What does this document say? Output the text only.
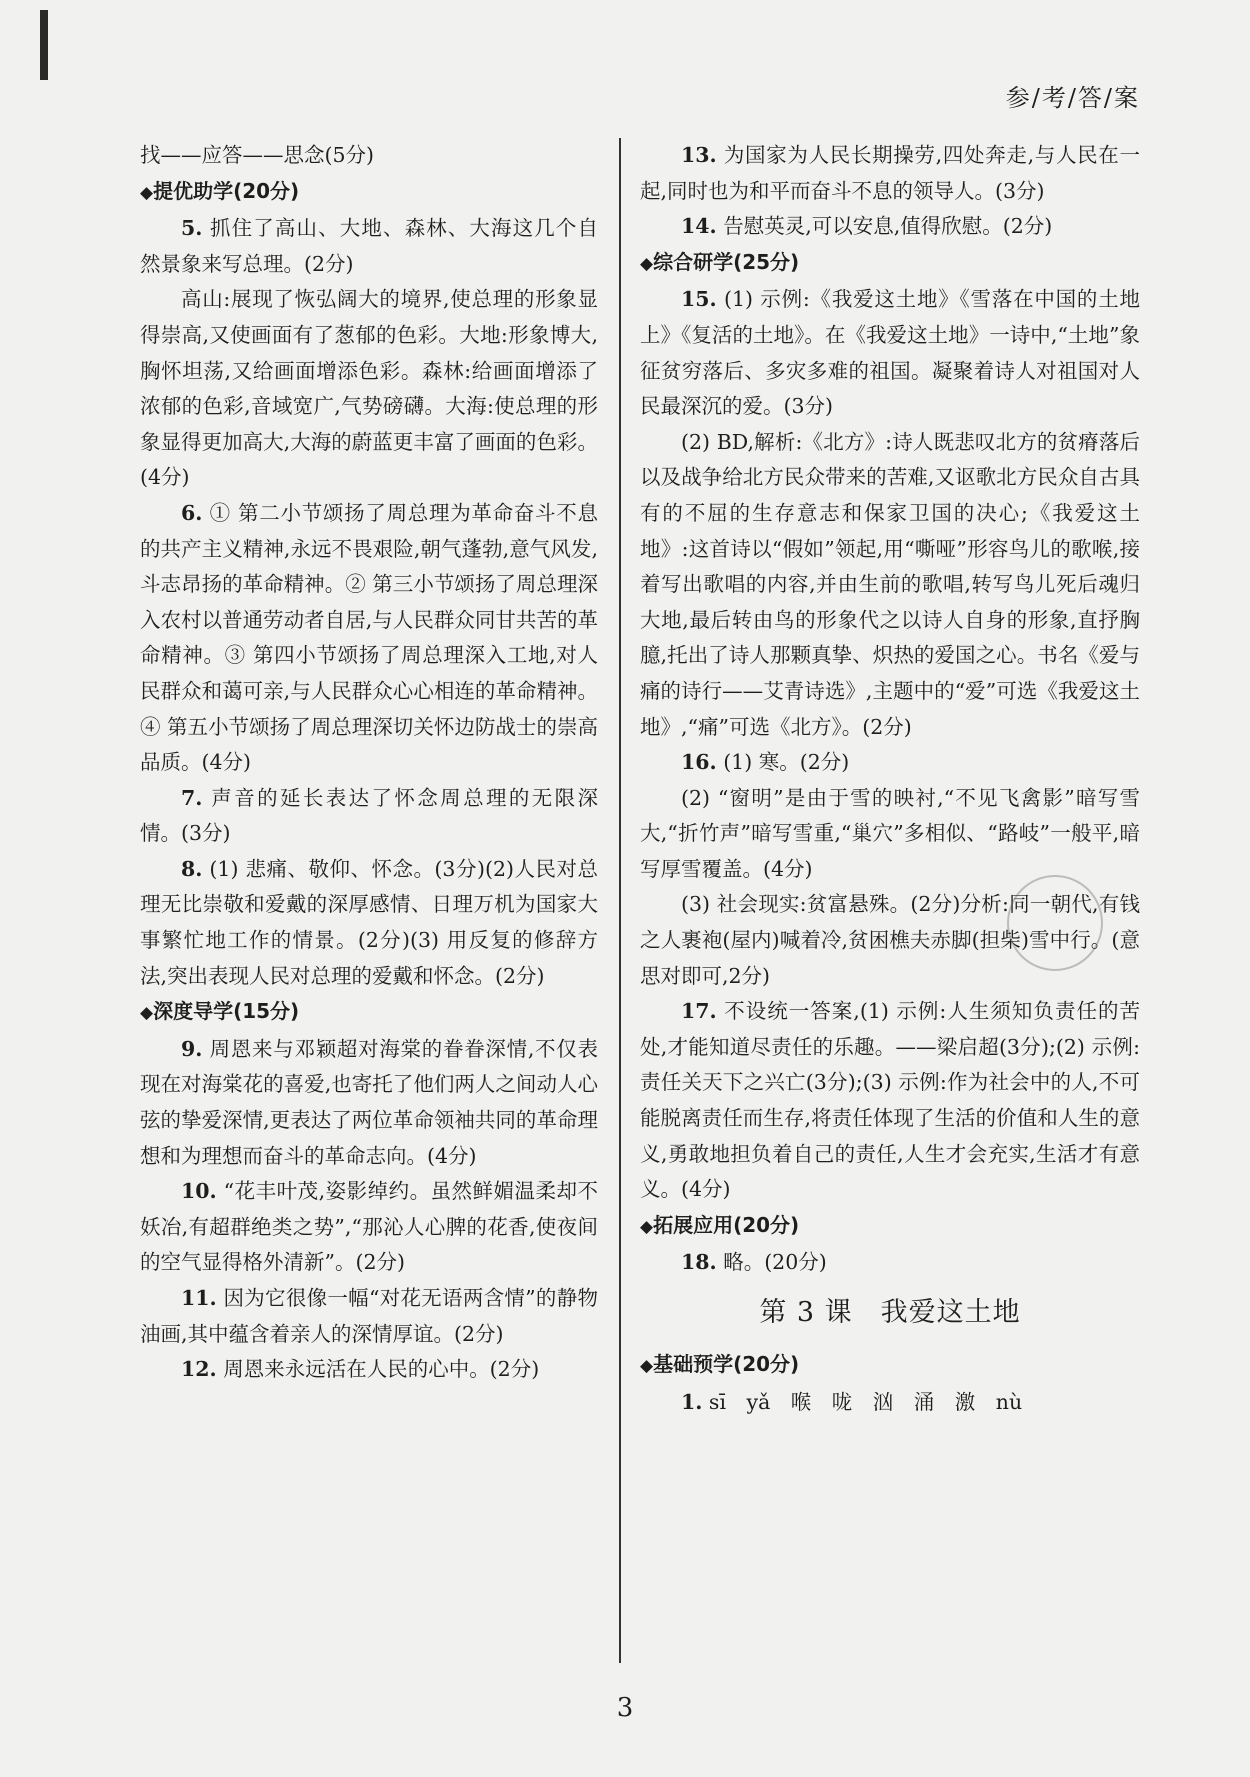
参/考/答/案

找——应答——思念(5分)

◆提优助学(20分)

5. 抓住了高山、大地、森林、大海这几个自然景象来写总理。(2分)

高山:展现了恢弘阔大的境界,使总理的形象显得崇高,又使画面有了葱郁的色彩。大地:形象博大,胸怀坦荡,又给画面增添色彩。森林:给画面增添了浓郁的色彩,音域宽广,气势磅礴。大海:使总理的形象显得更加高大,大海的蔚蓝更丰富了画面的色彩。(4分)

6. ① 第二小节颂扬了周总理为革命奋斗不息的共产主义精神,永远不畏艰险,朝气蓬勃,意气风发,斗志昂扬的革命精神。② 第三小节颂扬了周总理深入农村以普通劳动者自居,与人民群众同甘共苦的革命精神。③ 第四小节颂扬了周总理深入工地,对人民群众和蔼可亲,与人民群众心心相连的革命精神。④ 第五小节颂扬了周总理深切关怀边防战士的崇高品质。(4分)

7. 声音的延长表达了怀念周总理的无限深情。(3分)

8. (1) 悲痛、敬仰、怀念。(3分)(2)人民对总理无比崇敬和爱戴的深厚感情、日理万机为国家大事繁忙地工作的情景。(2分)(3) 用反复的修辞方法,突出表现人民对总理的爱戴和怀念。(2分)

◆深度导学(15分)

9. 周恩来与邓颖超对海棠的眷眷深情,不仅表现在对海棠花的喜爱,也寄托了他们两人之间动人心弦的挚爱深情,更表达了两位革命领袖共同的革命理想和为理想而奋斗的革命志向。(4分)

10. “花丰叶茂,姿影绰约。虽然鲜媚温柔却不妖冶,有超群绝类之势”,“那沁人心脾的花香,使夜间的空气显得格外清新”。(2分)

11. 因为它很像一幅“对花无语两含情”的静物油画,其中蕴含着亲人的深情厚谊。(2分)

12. 周恩来永远活在人民的心中。(2分)

13. 为国家为人民长期操劳,四处奔走,与人民在一起,同时也为和平而奋斗不息的领导人。(3分)

14. 告慰英灵,可以安息,值得欣慰。(2分)

◆综合研学(25分)

15. (1) 示例:《我爱这土地》《雪落在中国的土地上》《复活的土地》。在《我爱这土地》一诗中,“土地”象征贫穷落后、多灾多难的祖国。凝聚着诗人对祖国对人民最深沉的爱。(3分)

(2) BD,解析:《北方》:诗人既悲叹北方的贫瘠落后以及战争给北方民众带来的苦难,又讴歌北方民众自古具有的不屈的生存意志和保家卫国的决心;《我爱这土地》:这首诗以“假如”领起,用“嘶哑”形容鸟儿的歌喉,接着写出歌唱的内容,并由生前的歌唱,转写鸟儿死后魂归大地,最后转由鸟的形象代之以诗人自身的形象,直抒胸臆,托出了诗人那颗真挚、炽热的爱国之心。书名《爱与痛的诗行——艾青诗选》,主题中的“爱”可选《我爱这土地》,“痛”可选《北方》。(2分)

16. (1) 寒。(2分)

(2) “窗明”是由于雪的映衬,“不见飞禽影”暗写雪大,“折竹声”暗写雪重,“巢穴”多相似、“路岐”一般平,暗写厚雪覆盖。(4分)

(3) 社会现实:贫富悬殊。(2分)分析:同一朝代,有钱之人裹袍(屋内)喊着冷,贫困樵夫赤脚(担柴)雪中行。(意思对即可,2分)

17. 不设统一答案,(1) 示例:人生须知负责任的苦处,才能知道尽责任的乐趣。——梁启超(3分);(2) 示例:责任关天下之兴亡(3分);(3) 示例:作为社会中的人,不可能脱离责任而生存,将责任体现了生活的价值和人生的意义,勇敢地担负着自己的责任,人生才会充实,生活才有意义。(4分)

◆拓展应用(20分)

18. 略。(20分)

第 3 课　我爱这土地
◆基础预学(20分)

1. sī　yǎ　喉　咙　汹　涌　激　nù

3
